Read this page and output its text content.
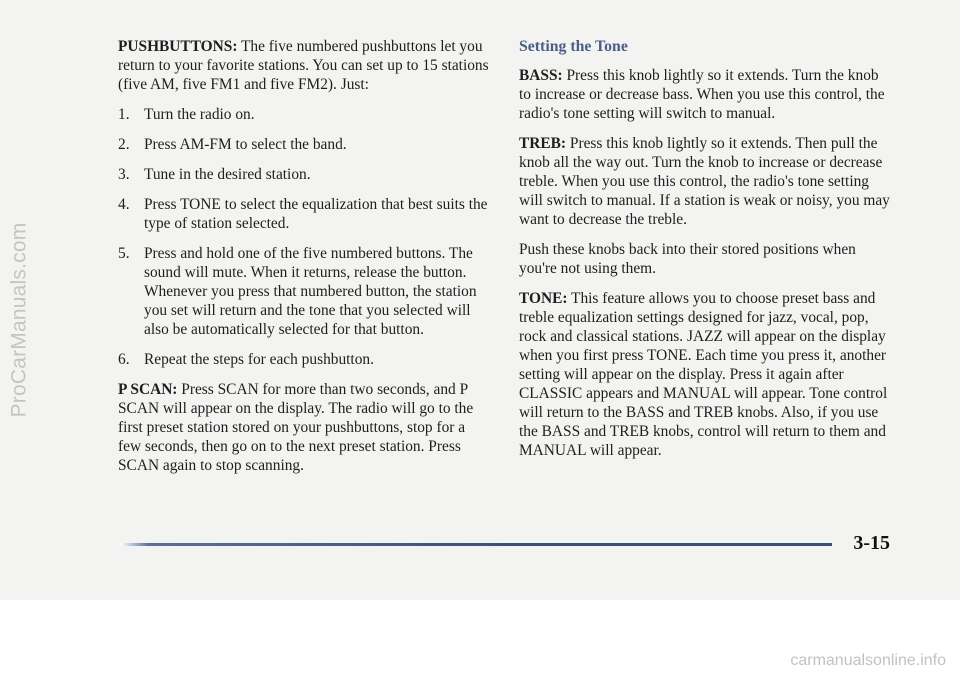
ProCarManuals.com

PUSHBUTTONS: The five numbered pushbuttons let you return to your favorite stations. You can set up to 15 stations (five AM, five FM1 and five FM2). Just:

1. Turn the radio on.
2. Press AM-FM to select the band.
3. Tune in the desired station.
4. Press TONE to select the equalization that best suits the type of station selected.
5. Press and hold one of the five numbered buttons. The sound will mute. When it returns, release the button. Whenever you press that numbered button, the station you set will return and the tone that you selected will also be automatically selected for that button.
6. Repeat the steps for each pushbutton.

P SCAN: Press SCAN for more than two seconds, and P SCAN will appear on the display. The radio will go to the first preset station stored on your pushbuttons, stop for a few seconds, then go on to the next preset station. Press SCAN again to stop scanning.

Setting the Tone

BASS: Press this knob lightly so it extends. Turn the knob to increase or decrease bass. When you use this control, the radio's tone setting will switch to manual.

TREB: Press this knob lightly so it extends. Then pull the knob all the way out. Turn the knob to increase or decrease treble. When you use this control, the radio's tone setting will switch to manual. If a station is weak or noisy, you may want to decrease the treble.

Push these knobs back into their stored positions when you're not using them.

TONE: This feature allows you to choose preset bass and treble equalization settings designed for jazz, vocal, pop, rock and classical stations. JAZZ will appear on the display when you first press TONE. Each time you press it, another setting will appear on the display. Press it again after CLASSIC appears and MANUAL will appear. Tone control will return to the BASS and TREB knobs. Also, if you use the BASS and TREB knobs, control will return to them and MANUAL will appear.

3-15
carmanualsonline.info
